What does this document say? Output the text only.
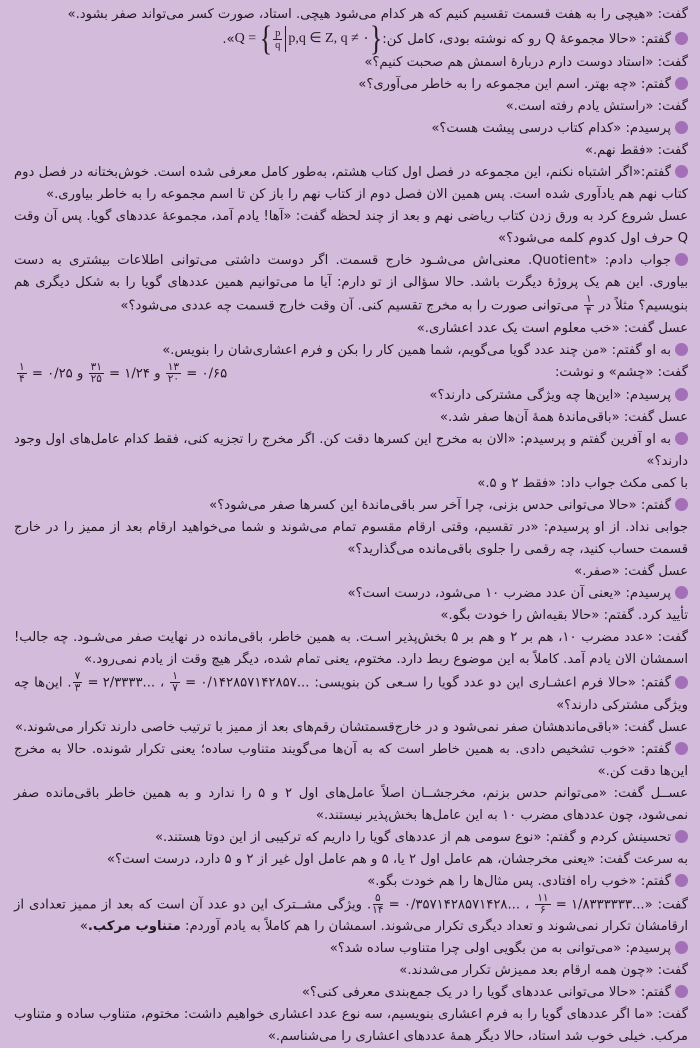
گفت: «هیچی را به هفت قسمت تقسیم کنیم که هر کدام می‌شود هیچی. استاد، صورت کسر می‌تواند صفر بشود.»

گفتم: «حالا مجموعهٔ Q رو که نوشته بودی، کامل کن:
Q =
{ $\frac{p}{q} p,q$ ∈ Z, q ≠ ۰ }
».

گفت: «استاد دوست دارم دربارهٔ اسمش هم صحبت کنیم؟»

گفتم: «چه بهتر. اسم این مجموعه را به خاطر می‌آوری؟»

گفت: «راستش یادم رفته است.»

پرسیدم: «کدام کتاب درسی پیشت هست؟»

گفت: «فقط نهم.»

گفتم:«اگر اشتباه نکنم، این مجموعه در فصل اول کتاب هشتم، به‌طور کامل معرفی شده است. خوش‌بختانه در فصل دوم کتاب نهم هم یادآوری شده است. پس همین الان فصل دوم از کتاب نهم را باز کن تا اسم مجموعه را به خاطر بیاوری.»

عسل شروع کرد به ورق زدن کتاب ریاضی نهم و بعد از چند لحظه گفت: «آها! یادم آمد، مجموعهٔ عددهای گویا. پس آن وقت Q حرف اول کدوم کلمه می‌شود؟»

جواب دادم: «Quotient. معنی‌اش می‌شـود خارج قسمت. اگر دوست داشتی می‌توانی اطلاعات بیشتری به دست بیاوری. این هم یک پروژهٔ دیگرت باشد. حالا سؤالی از تو دارم: آیا ما می‌توانیم همین عددهای گویا را به شکل دیگری هم بنویسیم؟ مثلاً در
$\frac{۱}{۴}$
می‌توانی صورت را به مخرج تقسیم کنی. آن وقت خارج قسمت چه عددی می‌شود؟»

عسل گفت: «خب معلوم است یک عدد اعشاری.»

به او گفتم: «من چند عدد گویا می‌گویم، شما همین کار را بکن و فرم اعشاری‌شان را بنویس.»

گفت: «چشم» و نوشت:
$\frac{۱۳}{۲۰}$ = ۰/۶۵ و
$\frac{۳۱}{۲۵}$ = ۱/۲۴ و
$\frac{۱}{۴}$ = ۰/۲۵

پرسیدم: «این‌ها چه ویژگی مشترکی دارند؟»

عسل گفت: «باقی‌ماندهٔ همهٔ آن‌ها صفر شد.»

به او آفرین گفتم و پرسیدم: «الان به مخرج این کسرها دقت کن. اگر مخرج را تجزیه کنی، فقط کدام عامل‌های اول وجود دارند؟»

با کمی مکث جواب داد: «فقط ۲ و ۵.»

گفتم: «حالا می‌توانی حدس بزنی، چرا آخر سر باقی‌ماندهٔ این کسرها صفر می‌شود؟»

جوابی نداد. از او پرسیدم: «در تقسیم، وقتی ارقام مقسوم تمام می‌شوند و شما می‌خواهید ارقام بعد از ممیز را در خارج قسمت حساب کنید، چه رقمی را جلوی باقی‌مانده می‌گذارید؟»

عسل گفت: «صفر.»

پرسیدم: «یعنی آن عدد مضرب ۱۰ می‌شود، درست است؟»

تأیید کرد. گفتم: «حالا بقیه‌اش را خودت بگو.»

گفت: «عدد مضرب ۱۰، هم بر ۲ و هم بر ۵ بخش‌پذیر اسـت. به همین خاطر، باقی‌مانده در نهایت صفر می‌شـود. چه جالب! اسمشان الان یادم آمد. کاملاً به این موضوع ربط دارد. مختوم، یعنی تمام شده، دیگر هیچ وقت از یادم نمی‌رود.»

گفتم: «حالا فرم اعشـاری این دو عدد گویا را سـعی کن بنویسی:
$\frac{۱}{۷}$ = ۰/۱۴۲۸۵۷۱۴۲۸۵۷... ،
$\frac{۷}{۳}$ = ۲/۳۳۳۳.... این‌ها چه ویژگی مشترکی دارند؟»

عسل گفت: «باقی‌ماندهشان صفر نمی‌شود و در خارج‌قسمتشان رقم‌های بعد از ممیز با ترتیب خاصی دارند تکرار می‌شوند.»

گفتم: «خوب تشخیص دادی. به همین خاطر است که به آن‌ها می‌گویند متناوب ساده؛ یعنی تکرار شونده. حالا به مخرج این‌ها دقت کن.»

عســل گفت: «می‌توانم حدس بزنم، مخرجشــان اصلاً عامل‌های اول ۲ و ۵ را ندارد و به همین خاطر باقی‌مانده صفر نمی‌شود، چون عددهای مضرب ۱۰ به این عامل‌ها بخش‌پذیر نیستند.»

تحسینش کردم و گفتم: «نوع سومی هم از عددهای گویا را داریم که ترکیبی از این دوتا هستند.»

به سرعت گفت: «یعنی مخرجشان، هم عامل اول ۲ یا، ۵ و هم عامل اول غیر از ۲ و ۵ دارد، درست است؟»

گفتم: «خوب راه افتادی. پس مثال‌ها را هم خودت بگو.»

گفت: «
$\frac{۱۱}{۶}$ = ۱/۸۳۳۳۳۳۳... ،
$\frac{۵}{۱۴}$ = ۰/۳۵۷۱۴۲۸۵۷۱۴۲۸.... ویژگی مشــترک این دو عدد آن است که بعد از ممیز تعدادی از ارقامشان تکرار نمی‌شوند و تعداد دیگری تکرار می‌شوند. اسمشان را هم کاملاً به یادم آوردم: متناوب مرکب.»

پرسیدم: «می‌توانی به من بگویی اولی چرا متناوب ساده شد؟»

گفت: «چون همه ارقام بعد ممیزش تکرار می‌شدند.»

گفتم: «حالا می‌توانی عددهای گویا را در یک جمع‌بندی معرفی کنی؟»

گفت: «ما اگر عددهای گویا را به فرم اعشاری بنویسیم، سه نوع عدد اعشاری خواهیم داشت: مختوم، متناوب ساده و متناوب مرکب. خیلی خوب شد استاد، حالا دیگر همهٔ عددهای اعشاری را می‌شناسم.»
